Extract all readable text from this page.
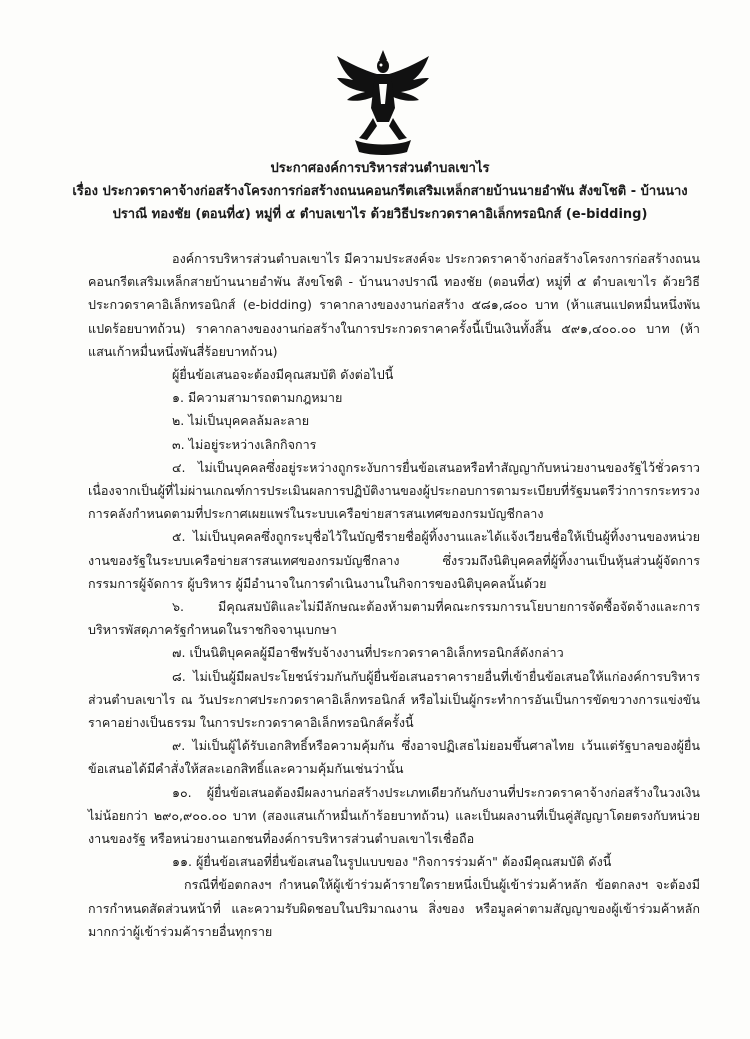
ประกาศองค์การบริหารส่วนตำบลเขาไร
เรื่อง ประกวดราคาจ้างก่อสร้างโครงการก่อสร้างถนนคอนกรีตเสริมเหล็กสายบ้านนายอำพัน สังขโชติ - บ้านนางปราณี ทองชัย (ตอนที่๕) หมู่ที่ ๕ ตำบลเขาไร ด้วยวิธีประกวดราคาอิเล็กทรอนิกส์ (e-bidding)

องค์การบริหารส่วนตำบลเขาไร มีความประสงค์จะ ประกวดราคาจ้างก่อสร้างโครงการก่อสร้างถนนคอนกรีตเสริมเหล็กสายบ้านนายอำพัน สังขโชติ - บ้านนางปราณี ทองชัย (ตอนที่๕) หมู่ที่ ๕ ตำบลเขาไร ด้วยวิธีประกวดราคาอิเล็กทรอนิกส์ (e-bidding) ราคากลางของงานก่อสร้าง ๕๘๑,๘๐๐ บาท (ห้าแสนแปดหมื่นหนึ่งพันแปดร้อยบาทถ้วน) ราคากลางของงานก่อสร้างในการประกวดราคาครั้งนี้เป็นเงินทั้งสิ้น ๕๙๑,๔๐๐.๐๐ บาท (ห้าแสนเก้าหมื่นหนึ่งพันสี่ร้อยบาทถ้วน)

ผู้ยื่นข้อเสนอจะต้องมีคุณสมบัติ ดังต่อไปนี้

๑. มีความสามารถตามกฎหมาย

๒. ไม่เป็นบุคคลล้มละลาย

๓. ไม่อยู่ระหว่างเลิกกิจการ

๔. ไม่เป็นบุคคลซึ่งอยู่ระหว่างถูกระงับการยื่นข้อเสนอหรือทำสัญญากับหน่วยงานของรัฐไว้ชั่วคราว เนื่องจากเป็นผู้ที่ไม่ผ่านเกณฑ์การประเมินผลการปฏิบัติงานของผู้ประกอบการตามระเบียบที่รัฐมนตรีว่าการกระทรวงการคลังกำหนดตามที่ประกาศเผยแพร่ในระบบเครือข่ายสารสนเทศของกรมบัญชีกลาง

๕. ไม่เป็นบุคคลซึ่งถูกระบุชื่อไว้ในบัญชีรายชื่อผู้ทิ้งงานและได้แจ้งเวียนชื่อให้เป็นผู้ทิ้งงานของหน่วยงานของรัฐในระบบเครือข่ายสารสนเทศของกรมบัญชีกลาง ซึ่งรวมถึงนิติบุคคลที่ผู้ทิ้งงานเป็นหุ้นส่วนผู้จัดการ กรรมการผู้จัดการ ผู้บริหาร ผู้มีอำนาจในการดำเนินงานในกิจการของนิติบุคคลนั้นด้วย

๖. มีคุณสมบัติและไม่มีลักษณะต้องห้ามตามที่คณะกรรมการนโยบายการจัดซื้อจัดจ้างและการบริหารพัสดุภาครัฐกำหนดในราชกิจจานุเบกษา

๗. เป็นนิติบุคคลผู้มีอาชีพรับจ้างงานที่ประกวดราคาอิเล็กทรอนิกส์ดังกล่าว

๘. ไม่เป็นผู้มีผลประโยชน์ร่วมกันกับผู้ยื่นข้อเสนอราคารายอื่นที่เข้ายื่นข้อเสนอให้แก่องค์การบริหารส่วนตำบลเขาไร ณ วันประกาศประกวดราคาอิเล็กทรอนิกส์ หรือไม่เป็นผู้กระทำการอันเป็นการขัดขวางการแข่งขันราคาอย่างเป็นธรรม ในการประกวดราคาอิเล็กทรอนิกส์ครั้งนี้

๙. ไม่เป็นผู้ได้รับเอกสิทธิ์หรือความคุ้มกัน ซึ่งอาจปฏิเสธไม่ยอมขึ้นศาลไทย เว้นแต่รัฐบาลของผู้ยื่นข้อเสนอได้มีคำสั่งให้สละเอกสิทธิ์และความคุ้มกันเช่นว่านั้น

๑๐. ผู้ยื่นข้อเสนอต้องมีผลงานก่อสร้างประเภทเดียวกันกับงานที่ประกวดราคาจ้างก่อสร้างในวงเงินไม่น้อยกว่า ๒๙๐,๙๐๐.๐๐ บาท (สองแสนเก้าหมื่นเก้าร้อยบาทถ้วน) และเป็นผลงานที่เป็นคู่สัญญาโดยตรงกับหน่วยงานของรัฐ หรือหน่วยงานเอกชนที่องค์การบริหารส่วนตำบลเขาไรเชื่อถือ

๑๑. ผู้ยื่นข้อเสนอที่ยื่นข้อเสนอในรูปแบบของ "กิจการร่วมค้า" ต้องมีคุณสมบัติ ดังนี้

กรณีที่ข้อตกลงฯ กำหนดให้ผู้เข้าร่วมค้ารายใดรายหนึ่งเป็นผู้เข้าร่วมค้าหลัก ข้อตกลงฯ จะต้องมีการกำหนดสัดส่วนหน้าที่ และความรับผิดชอบในปริมาณงาน สิ่งของ หรือมูลค่าตามสัญญาของผู้เข้าร่วมค้าหลักมากกว่าผู้เข้าร่วมค้ารายอื่นทุกราย
